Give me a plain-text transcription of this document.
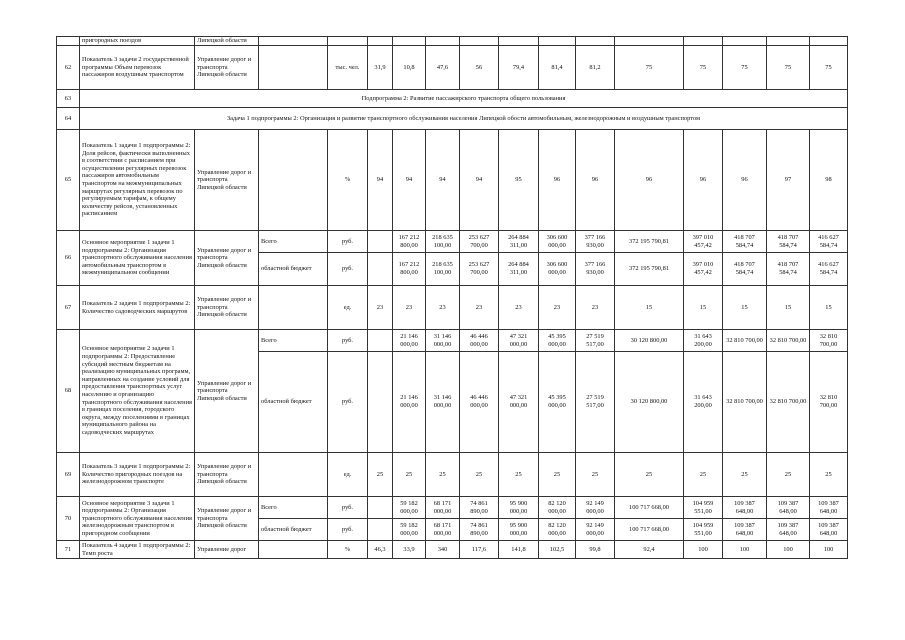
	пригородных поездов	Липецкой области														
62	Показатель 3 задачи 2 государственной программы Объем перевозок пассажиров воздушным транспортом	Управление дорог и транспорта Липецкой области		тыс. чел.	31,9	10,8	47,6	56	79,4	81,4	81,2	75	75	75	75	75
63	Подпрограмма 2: Развитие пассажирского транспорта общего пользования															
64	Задача 1 подпрограммы 2: Организация и развитие транспортного обслуживания населения Липецкой обости автомобильным, железнодорожным и воздушным транспортом															
65	Показатель 1 задачи 1 подпрограммы 2: Доля рейсов, фактически выполненных в соответствии с расписанием при осуществлении регулярных перевозок пассажиров автомобильным транспортом на межмуниципальных маршрутах регулярных перевозок по регулируемым тарифам, к общему количеству рейсов, установленных расписанием	Управление дорог и транспорта Липецкой области		%	94	94	94	94	95	96	96	96	96	96	97	98
66	Основное мероприятие 1 задачи 1 подпрограммы 2: Организация транспортного обслуживания населения автомобильным транспортом в межмуниципальном сообщении	Управление дорог и транспорта Липецкой области	Всего	руб.		167 212 800,00	218 635 100,00	253 627 700,00	264 884 311,00	306 600 000,00	377 166 930,00	372 195 790,81	397 010 457,42	418 707 584,74	418 707 584,74	416 627 584,74
			областной бюджет	руб.		167 212 800,00	218 635 100,00	253 627 700,00	264 884 311,00	306 600 000,00	377 166 930,00	372 195 790,81	397 010 457,42	418 707 584,74	418 707 584,74	416 627 584,74
67	Показатель 2 задачи 1 подпрограммы 2: Количество садоводческих маршрутов	Управление дорог и транспорта Липецкой области		ед.	23	23	23	23	23	23	23	15	15	15	15	15
68	Основное мероприятие 2 задачи 1 подпрограммы 2: Предоставление субсидий местным бюджетам на реализацию муниципальных программ, направленных на создание условий для предоставления транспортных услуг населению и организацию транспортного обслуживания населения в границах поселения, городского округа, между поселениями в границах муниципального района на садоводческих маршрутах	Управление дорог и транспорта Липецкой области	Всего	руб.		21 146 000,00	31 146 000,00	46 446 000,00	47 321 000,00	45 395 000,00	27 519 517,00	30 120 800,00	31 643 200,00	32 810 700,00	32 810 700,00	32 810 700,00
			областной бюджет	руб.		21 146 000,00	31 146 000,00	46 446 000,00	47 321 000,00	45 395 000,00	27 519 517,00	30 120 800,00	31 643 200,00	32 810 700,00	32 810 700,00	32 810 700,00
69	Показатель 3 задачи 1 подпрограммы 2: Количество пригородных поездов на железнодорожном транспорте	Управление дорог и транспорта Липецкой области		ед.	25	25	25	25	25	25	25	25	25	25	25	25
70	Основное мероприятие 3 задачи 1 подпрограммы 2: Организация транспортного обслуживания населения железнодорожным транспортом в пригородном сообщении	Управление дорог и транспорта Липецкой области	Всего	руб.		59 182 000,00	68 171 000,00	74 861 890,00	95 900 000,00	82 120 000,00	92 149 000,00	100 717 668,00	104 959 551,00	109 387 648,00	109 387 648,00	109 387 648,00
			областной бюджет	руб.		59 182 000,00	68 171 000,00	74 861 890,00	95 900 000,00	82 120 000,00	92 149 000,00	100 717 668,00	104 959 551,00	109 387 648,00	109 387 648,00	109 387 648,00
71	Показатель 4 задачи 1 подпрограммы 2: Темп роста	Управление дорог		%	46,3	33,9	340	117,6	141,8	102,5	99,8	92,4	100	100	100	100
